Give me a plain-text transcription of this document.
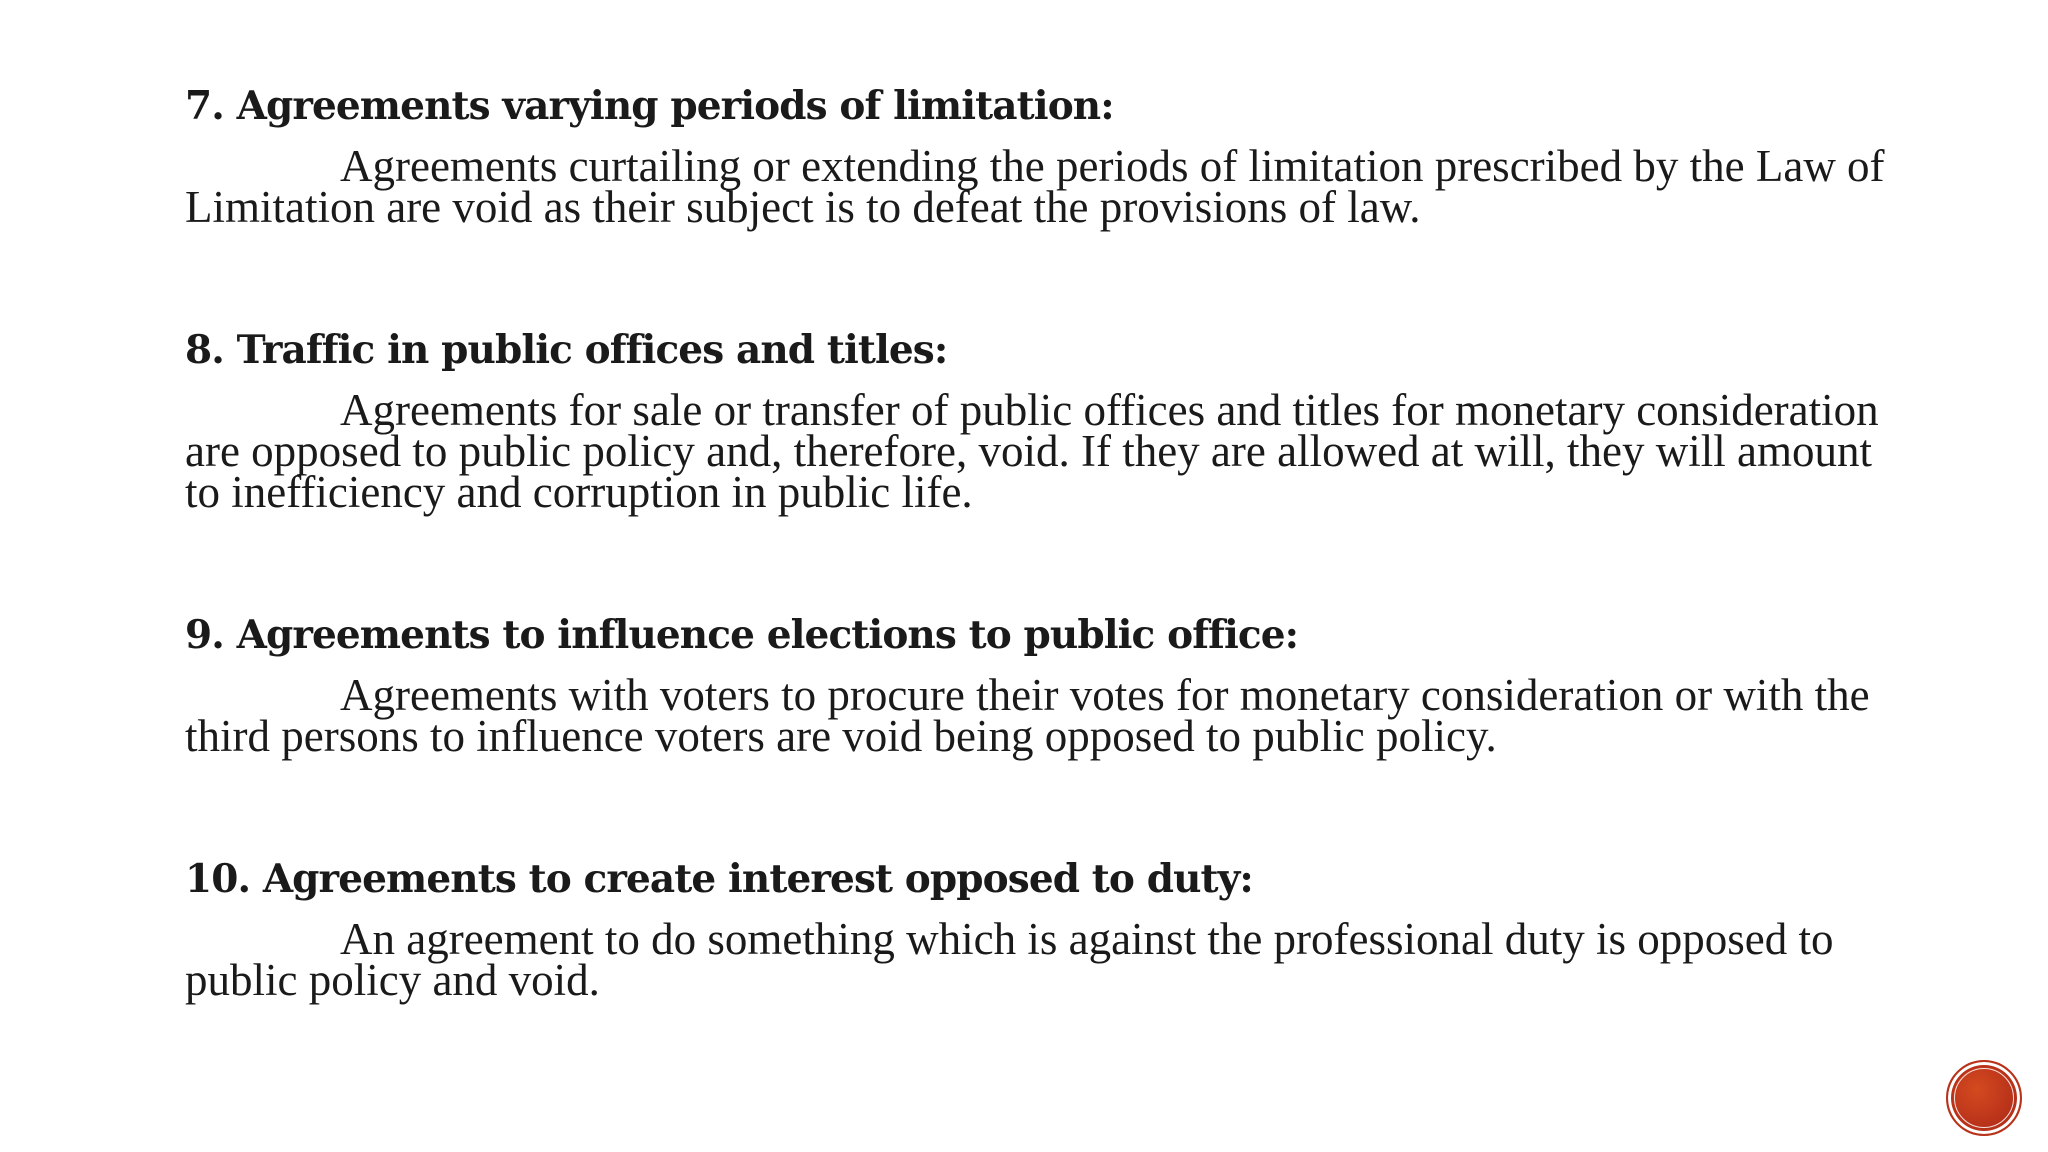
7. Agreements varying periods of limitation:

Agreements curtailing or extending the periods of limitation prescribed by the Law of Limitation are void as their subject is to defeat the provisions of law.

8. Traffic in public offices and titles:

Agreements for sale or transfer of public offices and titles for monetary consideration are opposed to public policy and, therefore, void. If they are allowed at will, they will amount to inefficiency and corruption in public life.

9. Agreements to influence elections to public office:

Agreements with voters to procure their votes for monetary consideration or with the third persons to influence voters are void being opposed to public policy.

10. Agreements to create interest opposed to duty:

An agreement to do something which is against the professional duty is opposed to public policy and void.
